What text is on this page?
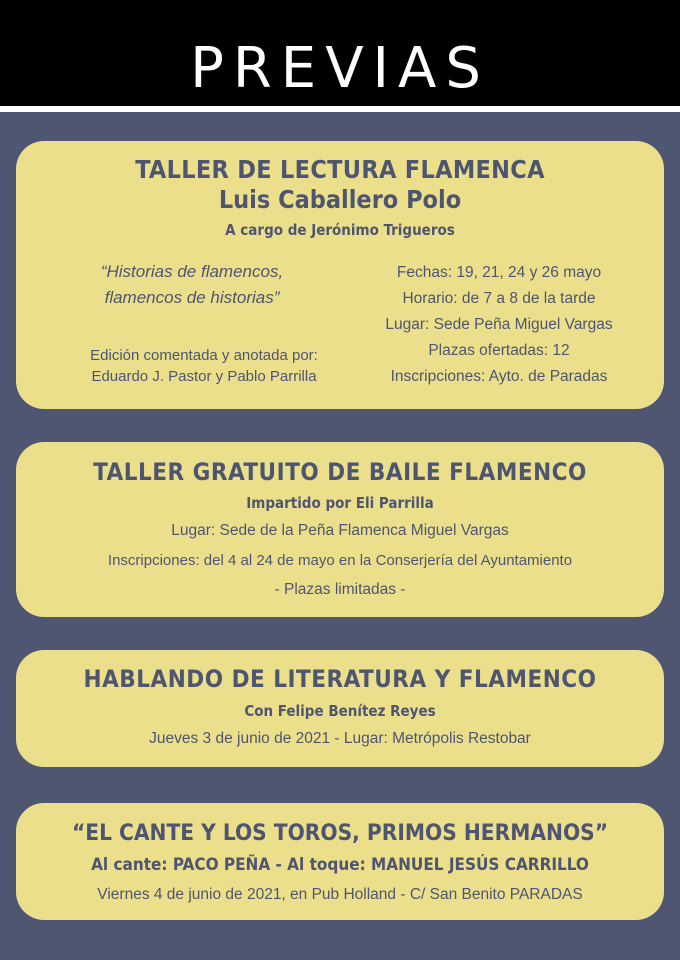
PREVIAS
TALLER DE LECTURA FLAMENCA
Luis Caballero Polo
A cargo de Jerónimo Trigueros
“Historias de flamencos,
flamencos de historias”
Edición comentada y anotada por:
Eduardo J. Pastor y Pablo Parrilla
Fechas: 19, 21, 24 y 26 mayo
Horario: de 7 a 8 de la tarde
Lugar: Sede Peña Miguel Vargas
Plazas ofertadas: 12
Inscripciones: Ayto. de Paradas
TALLER GRATUITO DE BAILE FLAMENCO
Impartido por Eli Parrilla
Lugar: Sede de la Peña Flamenca Miguel Vargas
Inscripciones: del 4 al 24 de mayo en la Conserjería del Ayuntamiento
- Plazas limitadas -
HABLANDO DE LITERATURA Y FLAMENCO
Con Felipe Benítez Reyes
Jueves 3 de junio de 2021 - Lugar: Metrópolis Restobar
“EL CANTE Y LOS TOROS, PRIMOS HERMANOS”
Al cante: PACO PEÑA - Al toque: MANUEL JESÚS CARRILLO
Viernes 4 de junio de 2021, en Pub Holland - C/ San Benito PARADAS
